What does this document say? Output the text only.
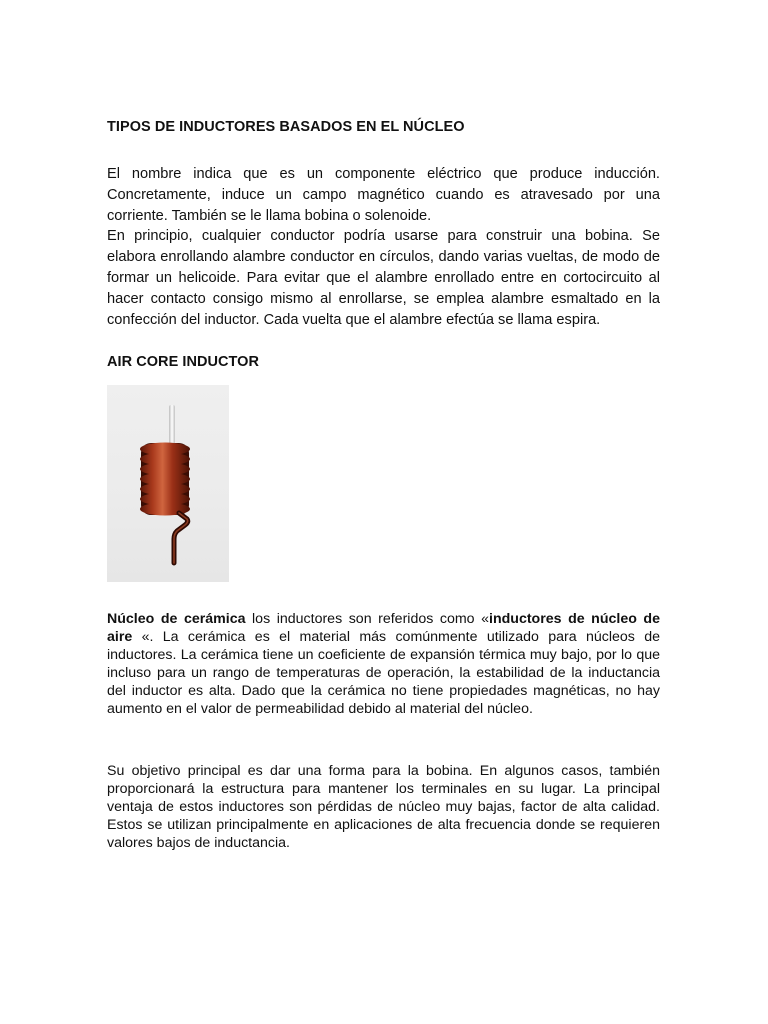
TIPOS DE INDUCTORES BASADOS EN EL NÚCLEO

El nombre indica que es un componente eléctrico que produce inducción. Concretamente, induce un campo magnético cuando es atravesado por una corriente. También se le llama bobina o solenoide.
En principio, cualquier conductor podría usarse para construir una bobina. Se elabora enrollando alambre conductor en círculos, dando varias vueltas, de modo de formar un helicoide. Para evitar que el alambre enrollado entre en cortocircuito al hacer contacto consigo mismo al enrollarse, se emplea alambre esmaltado en la confección del inductor. Cada vuelta que el alambre efectúa se llama espira.

AIR CORE INDUCTOR

Núcleo de cerámica los inductores son referidos como «inductores de núcleo de aire «. La cerámica es el material más comúnmente utilizado para núcleos de inductores. La cerámica tiene un coeficiente de expansión térmica muy bajo, por lo que incluso para un rango de temperaturas de operación, la estabilidad de la inductancia del inductor es alta. Dado que la cerámica no tiene propiedades magnéticas, no hay aumento en el valor de permeabilidad debido al material del núcleo.

Su objetivo principal es dar una forma para la bobina. En algunos casos, también proporcionará la estructura para mantener los terminales en su lugar. La principal ventaja de estos inductores son pérdidas de núcleo muy bajas, factor de alta calidad. Estos se utilizan principalmente en aplicaciones de alta frecuencia donde se requieren valores bajos de inductancia.
